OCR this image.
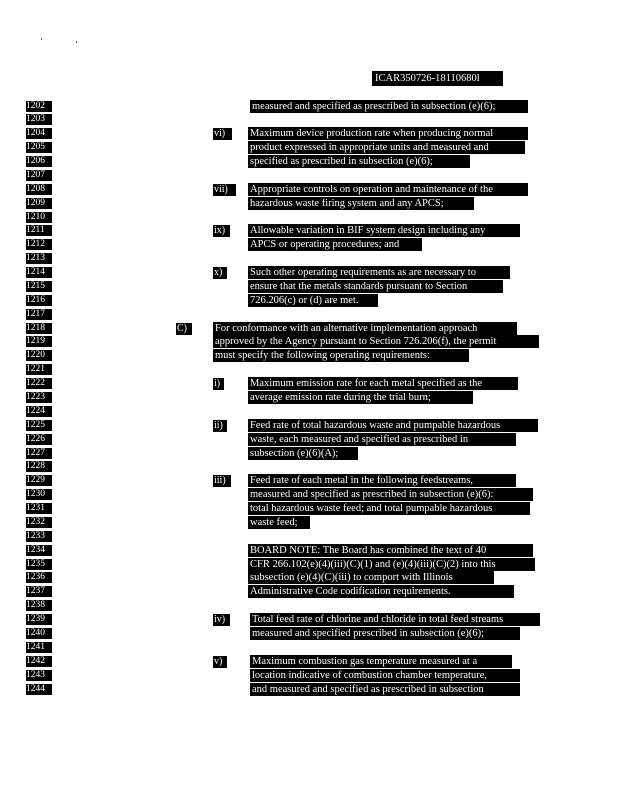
ICAR350726-18110680l
1202
1203
1204
1205
1206
1207
1208
1209
1210
1211
1212
1213
1214
1215
1216
1217
1218
1219
1220
1221
1222
1223
1224
1225
1226
1227
1228
1229
1230
1231
1232
1233
1234
1235
1236
1237
1238
1239
1240
1241
1242
1243
1244
vi)
vii)
ix)
x)
C)
i)
ii)
iii)
iv)
v)
measured and specified as prescribed in subsection (e)(6);
Maximum device production rate when producing normal
product expressed in appropriate units and measured and
specified as prescribed in subsection (e)(6);
Appropriate controls on operation and maintenance of the
hazardous waste firing system and any APCS;
Allowable variation in BIF system design including any
APCS or operating procedures; and
Such other operating requirements as are necessary to
ensure that the metals standards pursuant to Section
726.206(c) or (d) are met.
For conformance with an alternative implementation approach
approved by the Agency pursuant to Section 726.206(f), the permit
must specify the following operating requirements:
Maximum emission rate for each metal specified as the
average emission rate during the trial burn;
Feed rate of total hazardous waste and pumpable hazardous
waste, each measured and specified as prescribed in
subsection (e)(6)(A);
Feed rate of each metal in the following feedstreams,
measured and specified as prescribed in subsection (e)(6):
total hazardous waste feed; and total pumpable hazardous
waste feed;
BOARD NOTE: The Board has combined the text of 40
CFR 266.102(e)(4)(iii)(C)(1) and (e)(4)(iii)(C)(2) into this
subsection (e)(4)(C)(iii) to comport with Illinois
Administrative Code codification requirements.
Total feed rate of chlorine and chloride in total feed streams
measured and specified prescribed in subsection (e)(6);
Maximum combustion gas temperature measured at a
location indicative of combustion chamber temperature,
and measured and specified as prescribed in subsection
